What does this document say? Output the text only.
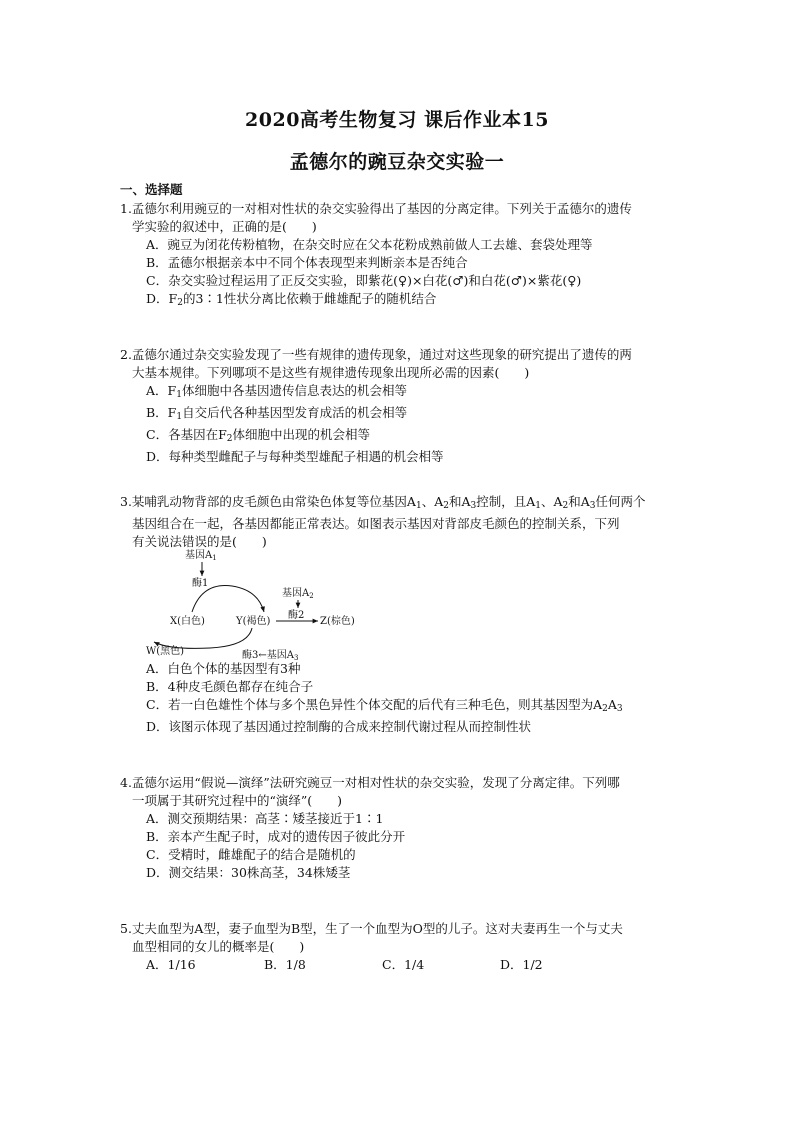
2020高考生物复习 课后作业本15
孟德尔的豌豆杂交实验一
一、选择题

1.孟德尔利用豌豆的一对相对性状的杂交实验得出了基因的分离定律。下列关于孟德尔的遗传
学实验的叙述中，正确的是(　　)

A．豌豆为闭花传粉植物，在杂交时应在父本花粉成熟前做人工去雄、套袋处理等

B．孟德尔根据亲本中不同个体表现型来判断亲本是否纯合

C．杂交实验过程运用了正反交实验，即紫花(♀)×白花(♂)和白花(♂)×紫花(♀)

D．$F_2$的3∶1性状分离比依赖于雌雄配子的随机结合

2.孟德尔通过杂交实验发现了一些有规律的遗传现象，通过对这些现象的研究提出了遗传的两
大基本规律。下列哪项不是这些有规律遗传现象出现所必需的因素(　　)

A．$F_1$体细胞中各基因遗传信息表达的机会相等

B．$F_1$自交后代各种基因型发育成活的机会相等

C．各基因在$F_2$体细胞中出现的机会相等

D．每种类型雌配子与每种类型雄配子相遇的机会相等

3.某哺乳动物背部的皮毛颜色由常染色体复等位基因$A_1$、$A_2$和$A_3$控制，且$A_1$、$A_2$和$A_3$任何两个
基因组合在一起，各基因都能正常表达。如图表示基因对背部皮毛颜色的控制关系，下列
有关说法错误的是(　　)

基因$A_1$
酶1
X(白色)	Y(褐色)
基因$A_2$
酶2
Z(棕色)
W(黑色)	酶3←基因$A_3$

A．白色个体的基因型有3种

B．4种皮毛颜色都存在纯合子

C．若一白色雄性个体与多个黑色异性个体交配的后代有三种毛色，则其基因型为$A_2A_3$

D．该图示体现了基因通过控制酶的合成来控制代谢过程从而控制性状

4.孟德尔运用“假说—演绎”法研究豌豆一对相对性状的杂交实验，发现了分离定律。下列哪
一项属于其研究过程中的“演绎”(　　)

A．测交预期结果：高茎∶矮茎接近于1∶1

B．亲本产生配子时，成对的遗传因子彼此分开

C．受精时，雌雄配子的结合是随机的

D．测交结果：30株高茎，34株矮茎

5.丈夫血型为A型，妻子血型为B型，生了一个血型为O型的儿子。这对夫妻再生一个与丈夫
血型相同的女儿的概率是(　　)

A．1/16	B．1/8	C．1/4	D．1/2
